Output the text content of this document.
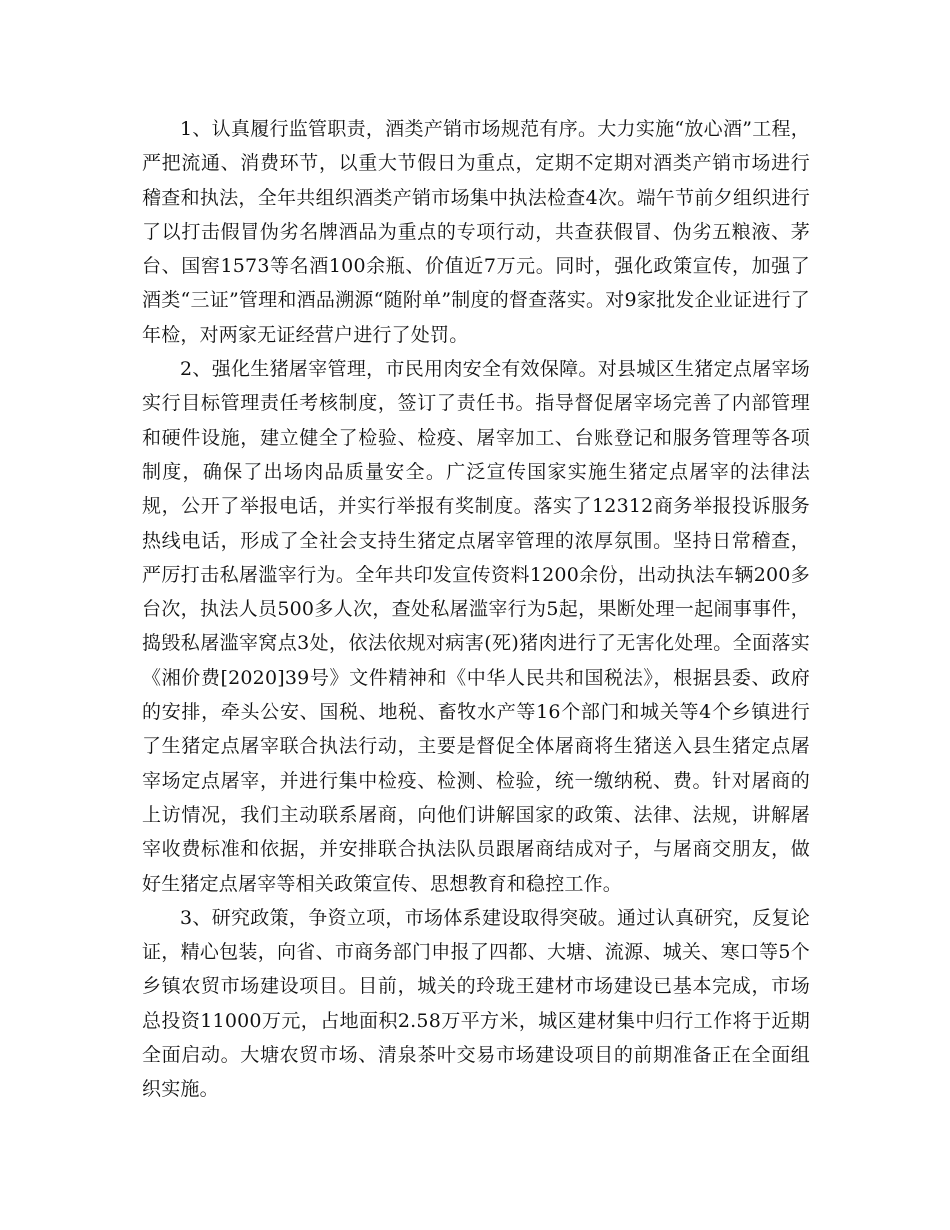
1、认真履行监管职责，酒类产销市场规范有序。大力实施“放心酒”工程，严把流通、消费环节，以重大节假日为重点，定期不定期对酒类产销市场进行稽查和执法，全年共组织酒类产销市场集中执法检查4次。端午节前夕组织进行了以打击假冒伪劣名牌酒品为重点的专项行动，共查获假冒、伪劣五粮液、茅台、国窖1573等名酒100余瓶、价值近7万元。同时，强化政策宣传，加强了酒类“三证”管理和酒品溯源“随附单”制度的督查落实。对9家批发企业证进行了年检，对两家无证经营户进行了处罚。

2、强化生猪屠宰管理，市民用肉安全有效保障。对县城区生猪定点屠宰场实行目标管理责任考核制度，签订了责任书。指导督促屠宰场完善了内部管理和硬件设施，建立健全了检验、检疫、屠宰加工、台账登记和服务管理等各项制度，确保了出场肉品质量安全。广泛宣传国家实施生猪定点屠宰的法律法规，公开了举报电话，并实行举报有奖制度。落实了12312商务举报投诉服务热线电话，形成了全社会支持生猪定点屠宰管理的浓厚氛围。坚持日常稽查，严厉打击私屠滥宰行为。全年共印发宣传资料1200余份，出动执法车辆200多台次，执法人员500多人次，查处私屠滥宰行为5起，果断处理一起闹事事件，捣毁私屠滥宰窝点3处，依法依规对病害(死)猪肉进行了无害化处理。全面落实《湘价费[2020]39号》文件精神和《中华人民共和国税法》，根据县委、政府的安排，牵头公安、国税、地税、畜牧水产等16个部门和城关等4个乡镇进行了生猪定点屠宰联合执法行动，主要是督促全体屠商将生猪送入县生猪定点屠宰场定点屠宰，并进行集中检疫、检测、检验，统一缴纳税、费。针对屠商的上访情况，我们主动联系屠商，向他们讲解国家的政策、法律、法规，讲解屠宰收费标准和依据，并安排联合执法队员跟屠商结成对子，与屠商交朋友，做好生猪定点屠宰等相关政策宣传、思想教育和稳控工作。

3、研究政策，争资立项，市场体系建设取得突破。通过认真研究，反复论证，精心包装，向省、市商务部门申报了四都、大塘、流源、城关、寒口等5个乡镇农贸市场建设项目。目前，城关的玲珑王建材市场建设已基本完成，市场总投资11000万元，占地面积2.58万平方米，城区建材集中归行工作将于近期全面启动。大塘农贸市场、清泉茶叶交易市场建设项目的前期准备正在全面组织实施。
